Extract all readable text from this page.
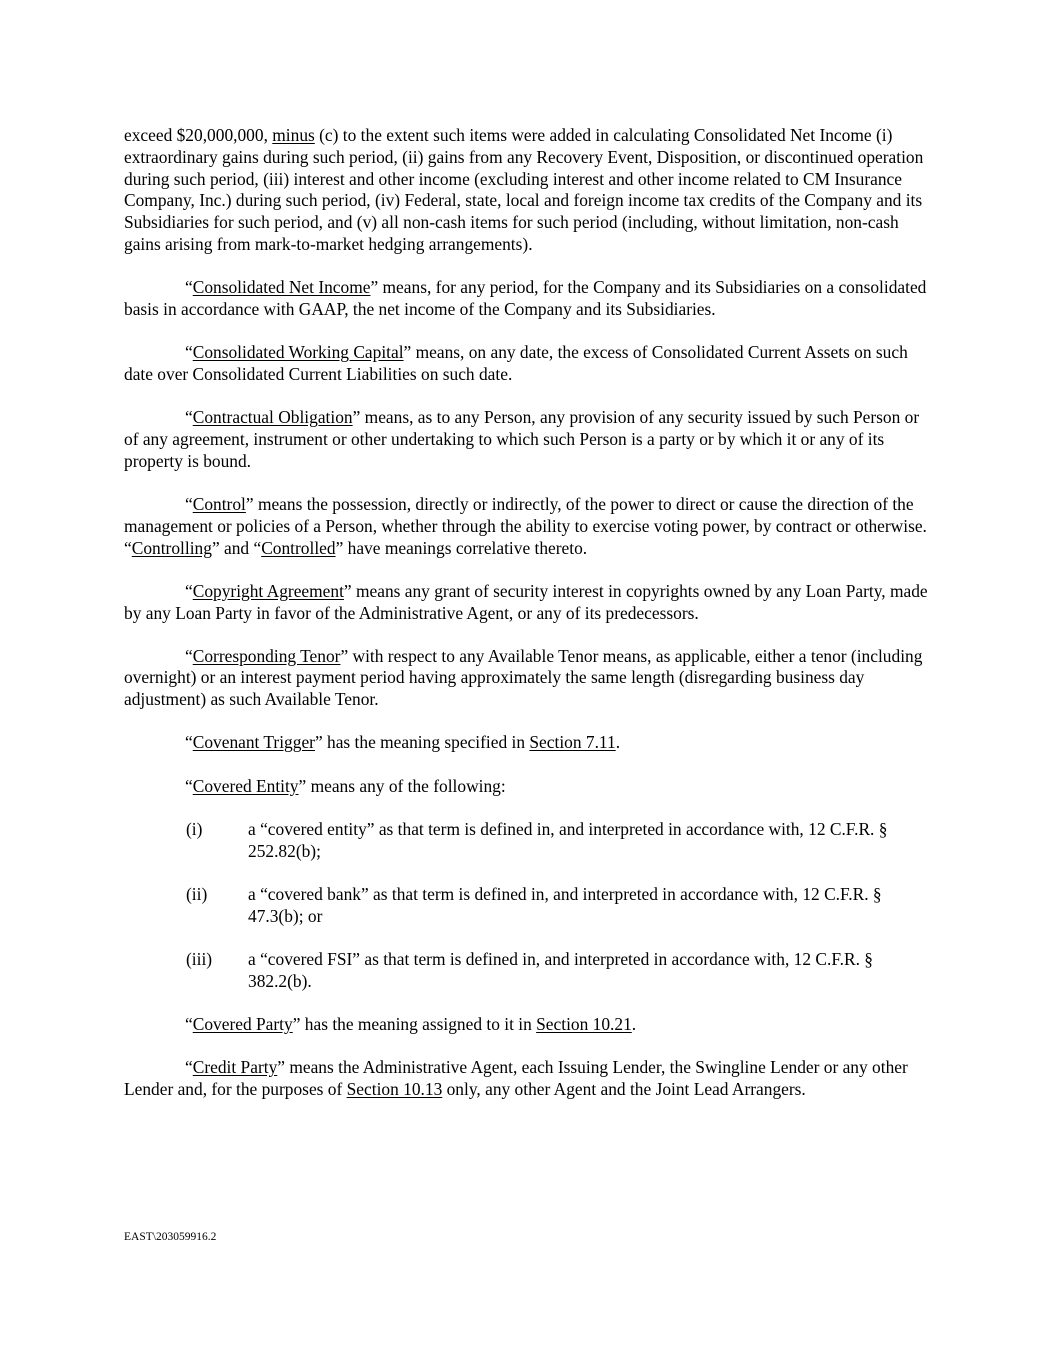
exceed $20,000,000, minus (c) to the extent such items were added in calculating Consolidated Net Income (i) extraordinary gains during such period, (ii) gains from any Recovery Event, Disposition, or discontinued operation during such period, (iii) interest and other income (excluding interest and other income related to CM Insurance Company, Inc.) during such period, (iv) Federal, state, local and foreign income tax credits of the Company and its Subsidiaries for such period, and (v) all non-cash items for such period (including, without limitation, non-cash gains arising from mark-to-market hedging arrangements).

“Consolidated Net Income” means, for any period, for the Company and its Subsidiaries on a consolidated basis in accordance with GAAP, the net income of the Company and its Subsidiaries.

“Consolidated Working Capital” means, on any date, the excess of Consolidated Current Assets on such date over Consolidated Current Liabilities on such date.

“Contractual Obligation” means, as to any Person, any provision of any security issued by such Person or of any agreement, instrument or other undertaking to which such Person is a party or by which it or any of its property is bound.

“Control” means the possession, directly or indirectly, of the power to direct or cause the direction of the management or policies of a Person, whether through the ability to exercise voting power, by contract or otherwise. “Controlling” and “Controlled” have meanings correlative thereto.

“Copyright Agreement” means any grant of security interest in copyrights owned by any Loan Party, made by any Loan Party in favor of the Administrative Agent, or any of its predecessors.

“Corresponding Tenor” with respect to any Available Tenor means, as applicable, either a tenor (including overnight) or an interest payment period having approximately the same length (disregarding business day adjustment) as such Available Tenor.

“Covenant Trigger” has the meaning specified in Section 7.11.

“Covered Entity” means any of the following:

(i)	a “covered entity” as that term is defined in, and interpreted in accordance with, 12 C.F.R. § 252.82(b);
(ii) a “covered bank” as that term is defined in, and interpreted in accordance with, 12 C.F.R. § 47.3(b); or
(iii) a “covered FSI” as that term is defined in, and interpreted in accordance with, 12 C.F.R. § 382.2(b).

“Covered Party” has the meaning assigned to it in Section 10.21.

“Credit Party” means the Administrative Agent, each Issuing Lender, the Swingline Lender or any other Lender and, for the purposes of Section 10.13 only, any other Agent and the Joint Lead Arrangers.

EAST\203059916.2
